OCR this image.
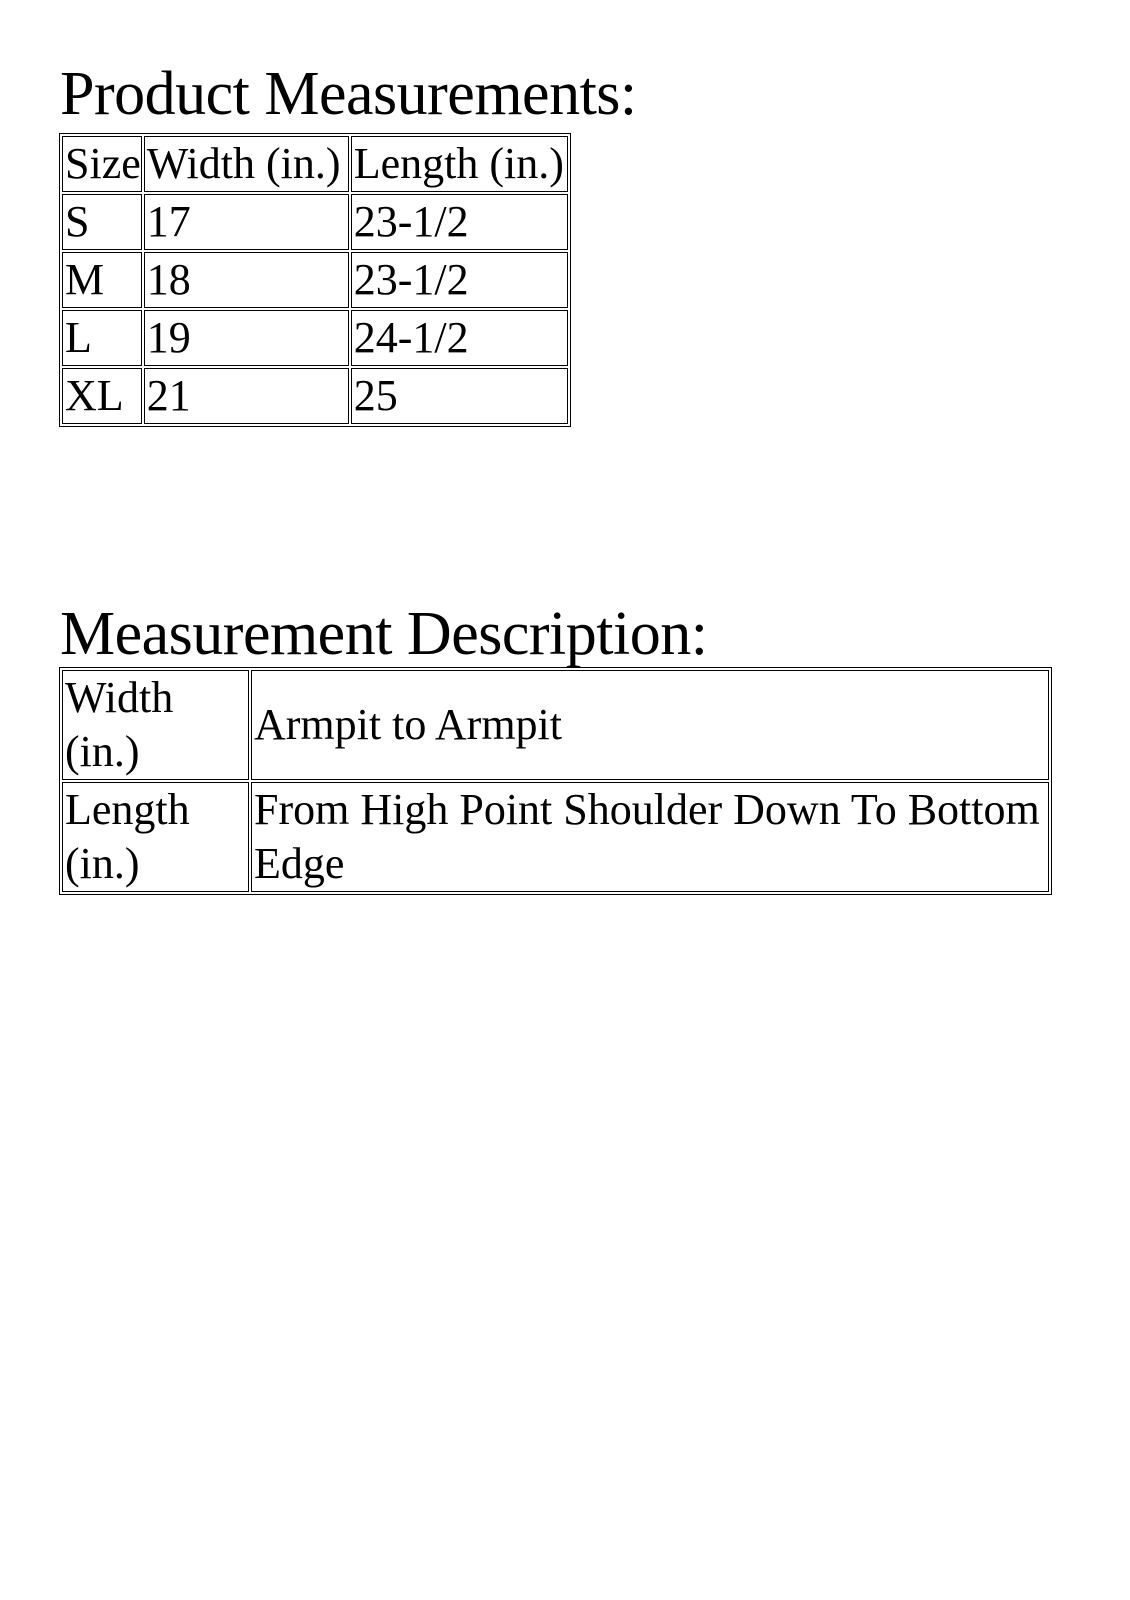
Product Measurements:
Size	Width (in.)	Length (in.)
S	17	23-1/2
M	18	23-1/2
L	19	24-1/2
XL	21	25
Measurement Description:
Width (in.)	Armpit to Armpit
Length (in.)	From High Point Shoulder Down To Bottom Edge
